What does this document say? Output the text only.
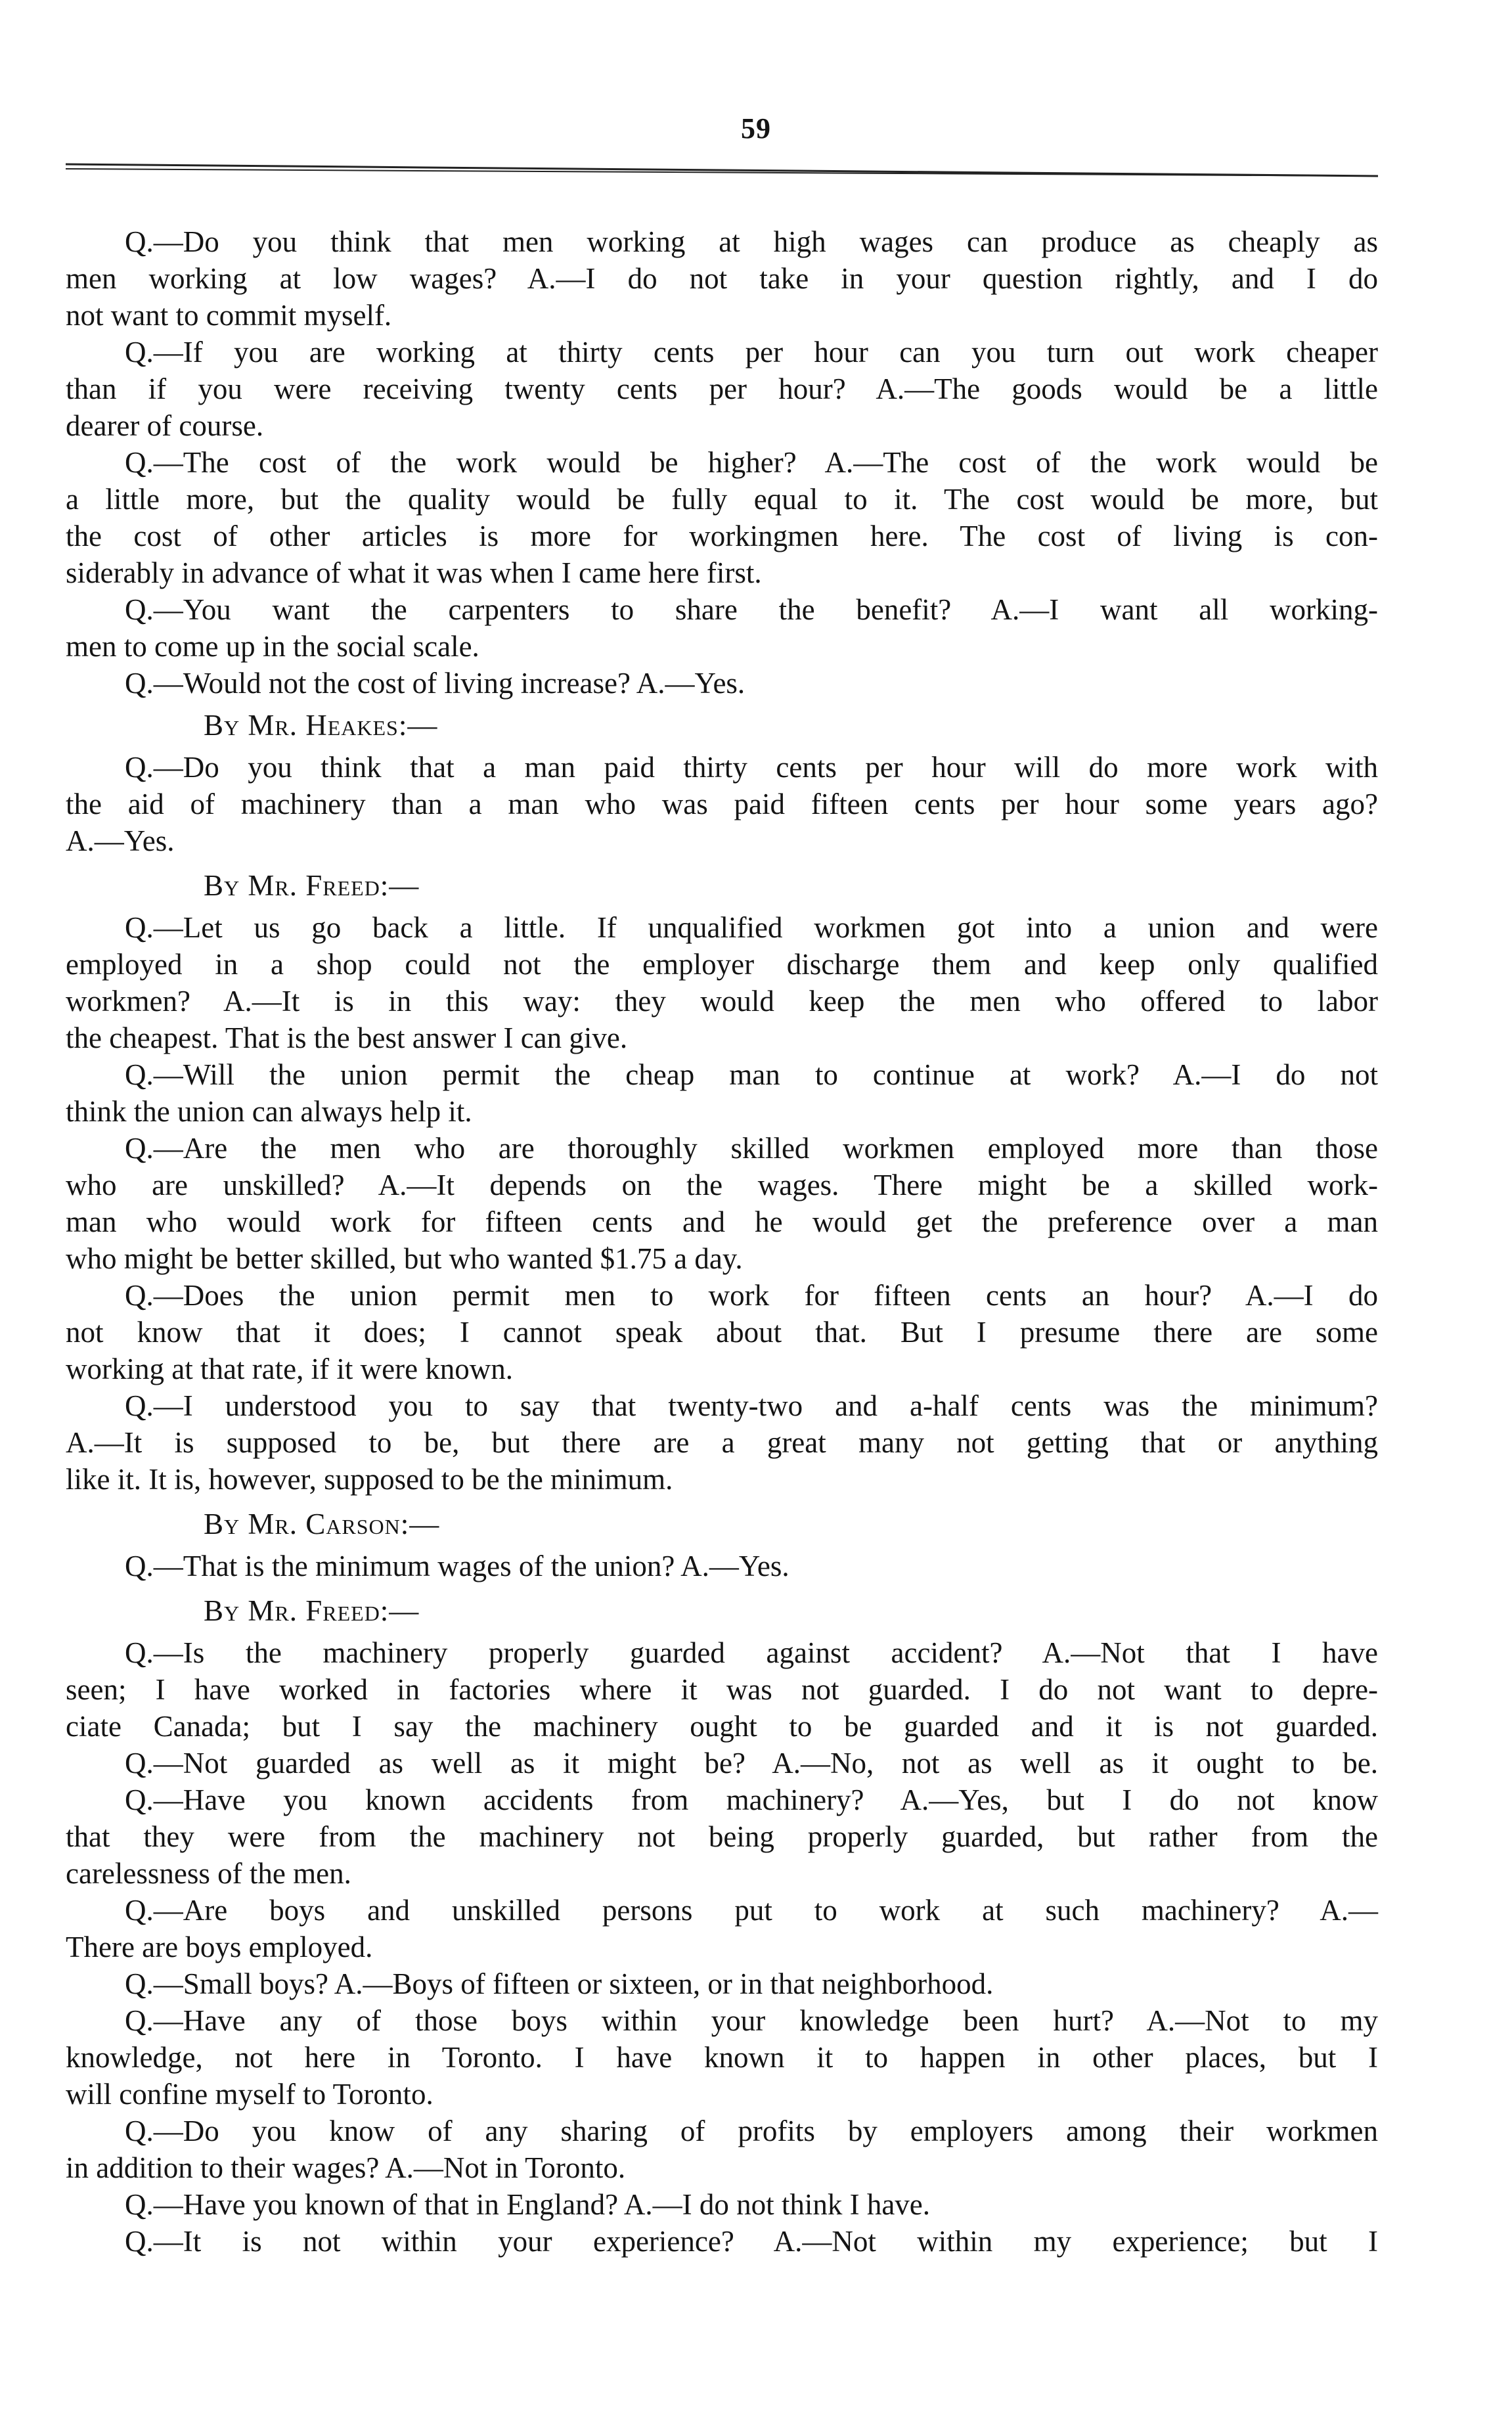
59
Q.—Do you think that men working at high wages can produce as cheaply as
men working at low wages? A.—I do not take in your question rightly, and I do
not want to commit myself.
Q.—If you are working at thirty cents per hour can you turn out work cheaper
than if you were receiving twenty cents per hour? A.—The goods would be a little
dearer of course.
Q.—The cost of the work would be higher? A.—The cost of the work would be
a little more, but the quality would be fully equal to it. The cost would be more, but
the cost of other articles is more for workingmen here. The cost of living is con-
siderably in advance of what it was when I came here first.
Q.—You want the carpenters to share the benefit? A.—I want all working-
men to come up in the social scale.
Q.—Would not the cost of living increase? A.—Yes.
By Mr. Heakes:—
Q.—Do you think that a man paid thirty cents per hour will do more work with
the aid of machinery than a man who was paid fifteen cents per hour some years ago?
A.—Yes.
By Mr. Freed:—
Q.—Let us go back a little. If unqualified workmen got into a union and were
employed in a shop could not the employer discharge them and keep only qualified
workmen? A.—It is in this way: they would keep the men who offered to labor
the cheapest. That is the best answer I can give.
Q.—Will the union permit the cheap man to continue at work? A.—I do not
think the union can always help it.
Q.—Are the men who are thoroughly skilled workmen employed more than those
who are unskilled? A.—It depends on the wages. There might be a skilled work-
man who would work for fifteen cents and he would get the preference over a man
who might be better skilled, but who wanted $1.75 a day.
Q.—Does the union permit men to work for fifteen cents an hour? A.—I do
not know that it does; I cannot speak about that. But I presume there are some
working at that rate, if it were known.
Q.—I understood you to say that twenty-two and a-half cents was the minimum?
A.—It is supposed to be, but there are a great many not getting that or anything
like it. It is, however, supposed to be the minimum.
By Mr. Carson:—
Q.—That is the minimum wages of the union? A.—Yes.
By Mr. Freed:—
Q.—Is the machinery properly guarded against accident? A.—Not that I have
seen; I have worked in factories where it was not guarded. I do not want to depre-
ciate Canada; but I say the machinery ought to be guarded and it is not guarded.
Q.—Not guarded as well as it might be? A.—No, not as well as it ought to be.
Q.—Have you known accidents from machinery? A.—Yes, but I do not know
that they were from the machinery not being properly guarded, but rather from the
carelessness of the men.
Q.—Are boys and unskilled persons put to work at such machinery? A.—
There are boys employed.
Q.—Small boys? A.—Boys of fifteen or sixteen, or in that neighborhood.
Q.—Have any of those boys within your knowledge been hurt? A.—Not to my
knowledge, not here in Toronto. I have known it to happen in other places, but I
will confine myself to Toronto.
Q.—Do you know of any sharing of profits by employers among their workmen
in addition to their wages? A.—Not in Toronto.
Q.—Have you known of that in England? A.—I do not think I have.
Q.—It is not within your experience? A.—Not within my experience; but I
